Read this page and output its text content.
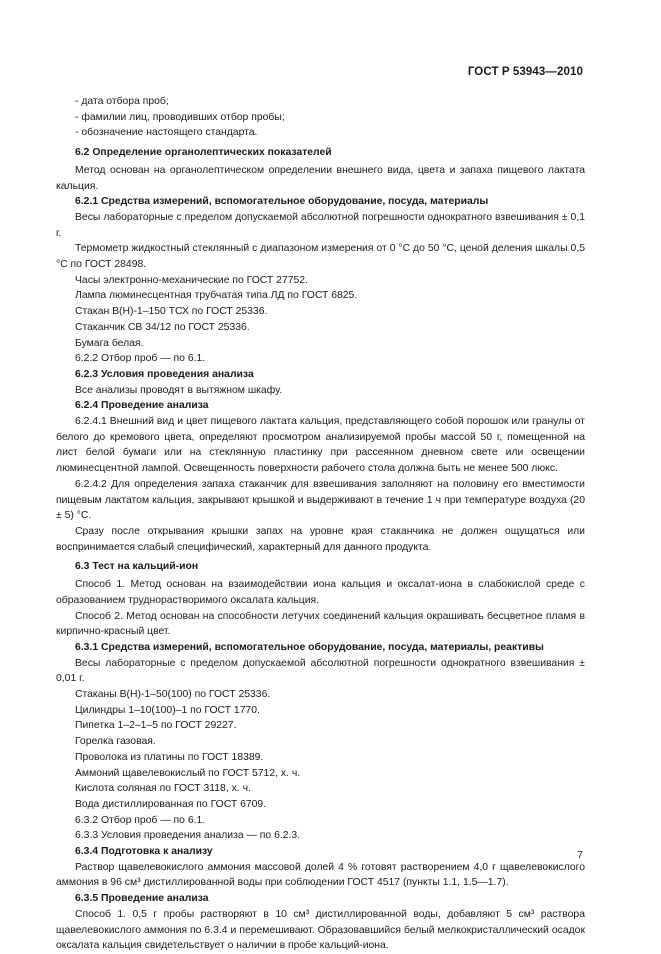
ГОСТ Р 53943—2010

- дата отбора проб;

- фамилии лиц, проводивших отбор пробы;

- обозначение настоящего стандарта.

6.2 Определение органолептических показателей

Метод основан на органолептическом определении внешнего вида, цвета и запаха пищевого лактата кальция.

6.2.1 Средства измерений, вспомогательное оборудование, посуда, материалы

Весы лабораторные с пределом допускаемой абсолютной погрешности однократного взвешивания ± 0,1 г.

Термометр жидкостный стеклянный с диапазоном измерения от 0 °С до 50 °С, ценой деления шкалы 0,5 °С по ГОСТ 28498.

Часы электронно-механические по ГОСТ 27752.

Лампа люминесцентная трубчатая типа ЛД по ГОСТ 6825.

Стакан В(Н)-1–150 ТСХ по ГОСТ 25336.

Стаканчик СВ 34/12 по ГОСТ 25336.

Бумага белая.

6.2.2 Отбор проб — по 6.1.

6.2.3 Условия проведения анализа

Все анализы проводят в вытяжном шкафу.

6.2.4 Проведение анализа

6.2.4.1 Внешний вид и цвет пищевого лактата кальция, представляющего собой порошок или гранулы от белого до кремового цвета, определяют просмотром анализируемой пробы массой 50 г, помещенной на лист белой бумаги или на стеклянную пластинку при рассеянном дневном свете или освещении люминесцентной лампой. Освещенность поверхности рабочего стола должна быть не менее 500 люкс.

6.2.4.2 Для определения запаха стаканчик для взвешивания заполняют на половину его вместимости пищевым лактатом кальция, закрывают крышкой и выдерживают в течение 1 ч при температуре воздуха (20 ± 5) °С.

Сразу после открывания крышки запах на уровне края стаканчика не должен ощущаться или воспринимается слабый специфический, характерный для данного продукта.

6.3 Тест на кальций-ион

Способ 1. Метод основан на взаимодействии иона кальция и оксалат-иона в слабокислой среде с образованием труднорастворимого оксалата кальция.

Способ 2. Метод основан на способности летучих соединений кальция окрашивать бесцветное пламя в кирпично-красный цвет.

6.3.1 Средства измерений, вспомогательное оборудование, посуда, материалы, реактивы

Весы лабораторные с пределом допускаемой абсолютной погрешности однократного взвешивания ± 0,01 г.

Стаканы В(Н)-1–50(100) по ГОСТ 25336.

Цилиндры 1–10(100)–1 по ГОСТ 1770.

Пипетка 1–2–1–5 по ГОСТ 29227.

Горелка газовая.

Проволока из платины по ГОСТ 18389.

Аммоний щавелевокислый по ГОСТ 5712, х. ч.

Кислота соляная по ГОСТ 3118, х. ч.

Вода дистиллированная по ГОСТ 6709.

6.3.2 Отбор проб — по 6.1.

6.3.3 Условия проведения анализа — по 6.2.3.

6.3.4 Подготовка к анализу

Раствор щавелевокислого аммония массовой долей 4 % готовят растворением 4,0 г щавелевокислого аммония в 96 см³ дистиллированной воды при соблюдении ГОСТ 4517 (пункты 1.1, 1.5—1.7).

6.3.5 Проведение анализа

Способ 1. 0,5 г пробы растворяют в 10 см³ дистиллированной воды, добавляют 5 см³ раствора щавелевокислого аммония по 6.3.4 и перемешивают. Образовавшийся белый мелкокристаллический осадок оксалата кальция свидетельствует о наличии в пробе кальций-иона.

7
